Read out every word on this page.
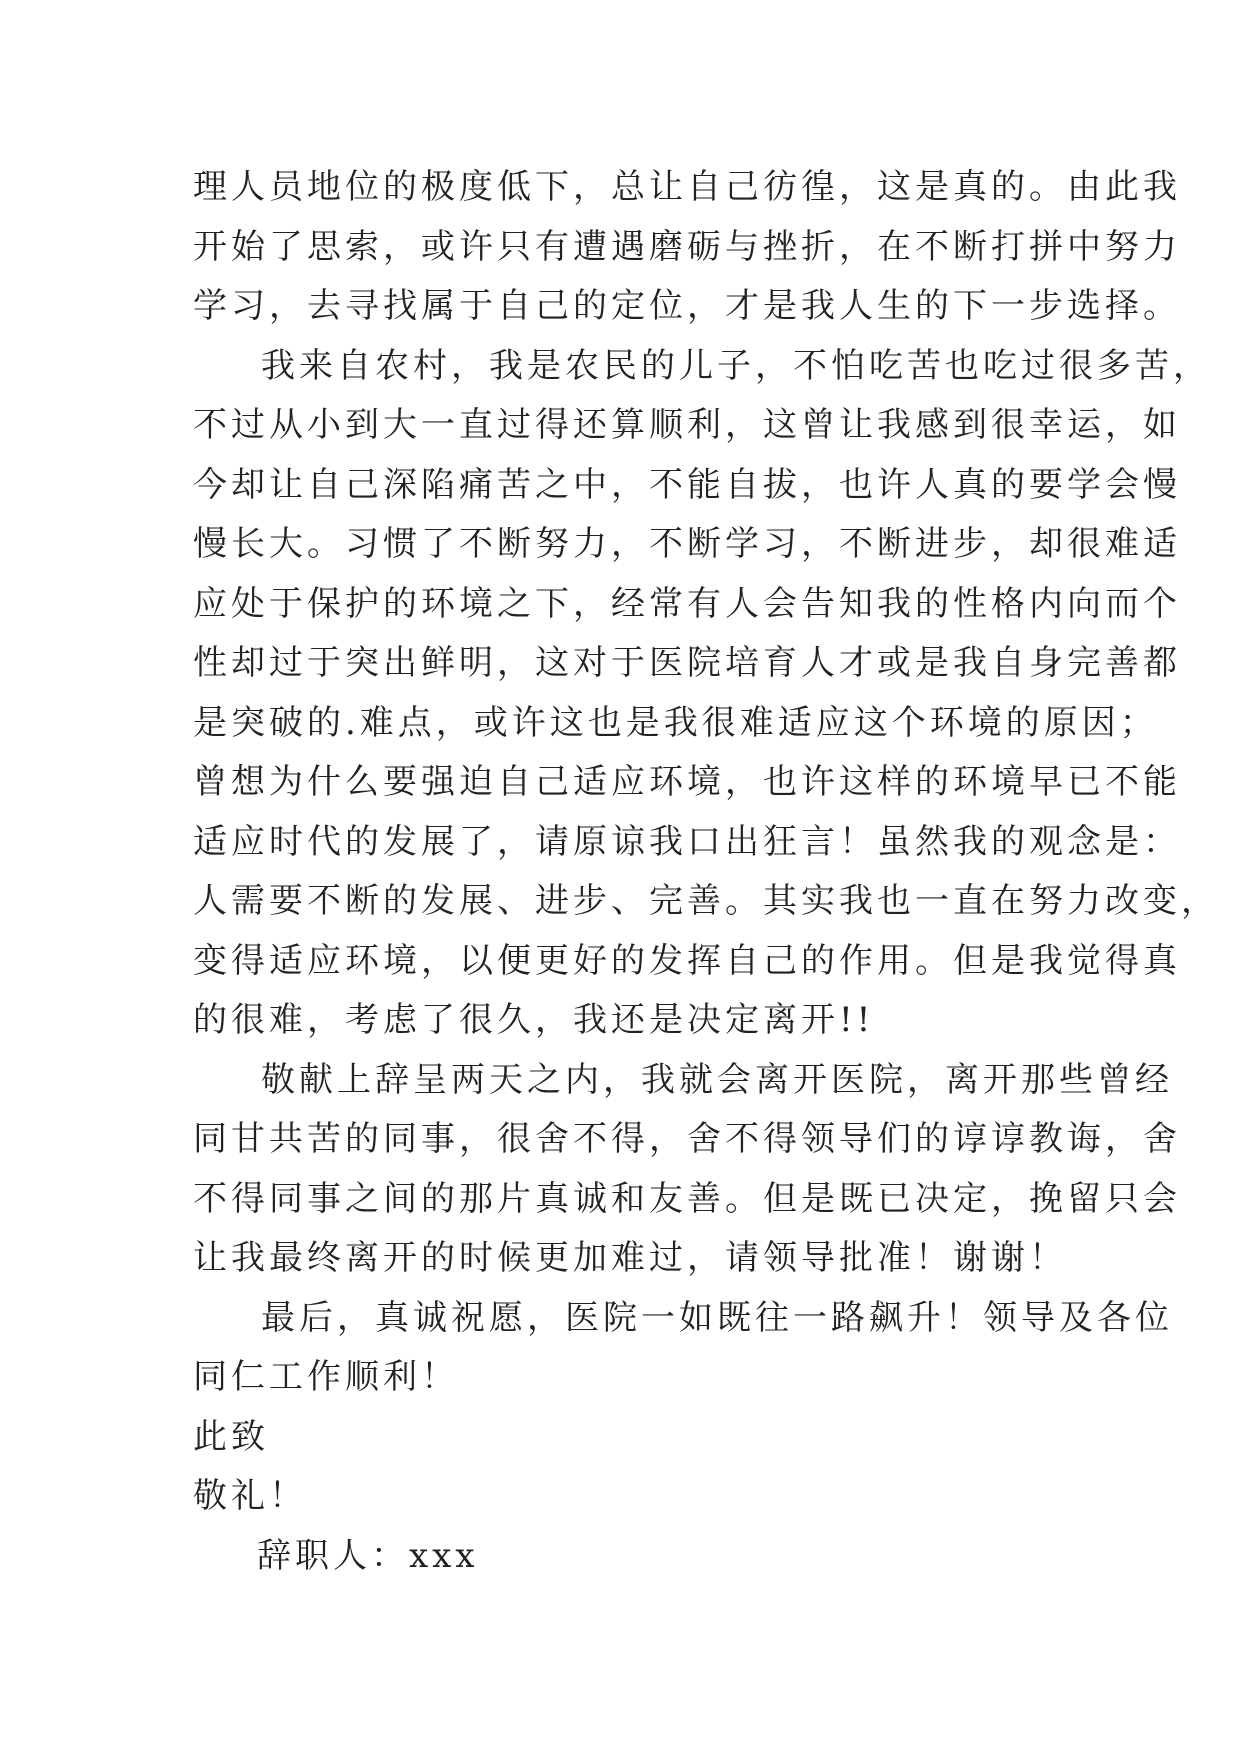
理人员地位的极度低下，总让自己彷徨，这是真的。由此我
开始了思索，或许只有遭遇磨砺与挫折，在不断打拼中努力
学习，去寻找属于自己的定位，才是我人生的下一步选择。
我来自农村，我是农民的儿子，不怕吃苦也吃过很多苦，
不过从小到大一直过得还算顺利，这曾让我感到很幸运，如
今却让自己深陷痛苦之中，不能自拔，也许人真的要学会慢
慢长大。习惯了不断努力，不断学习，不断进步，却很难适
应处于保护的环境之下，经常有人会告知我的性格内向而个
性却过于突出鲜明，这对于医院培育人才或是我自身完善都
是突破的.难点，或许这也是我很难适应这个环境的原因；
曾想为什么要强迫自己适应环境，也许这样的环境早已不能
适应时代的发展了，请原谅我口出狂言！虽然我的观念是：
人需要不断的发展、进步、完善。其实我也一直在努力改变，
变得适应环境，以便更好的发挥自己的作用。但是我觉得真
的很难，考虑了很久，我还是决定离开!!
敬献上辞呈两天之内，我就会离开医院，离开那些曾经
同甘共苦的同事，很舍不得，舍不得领导们的谆谆教诲，舍
不得同事之间的那片真诚和友善。但是既已决定，挽留只会
让我最终离开的时候更加难过，请领导批准！谢谢！
最后，真诚祝愿，医院一如既往一路飙升！领导及各位
同仁工作顺利！
此致
敬礼！
辞职人：xxx
